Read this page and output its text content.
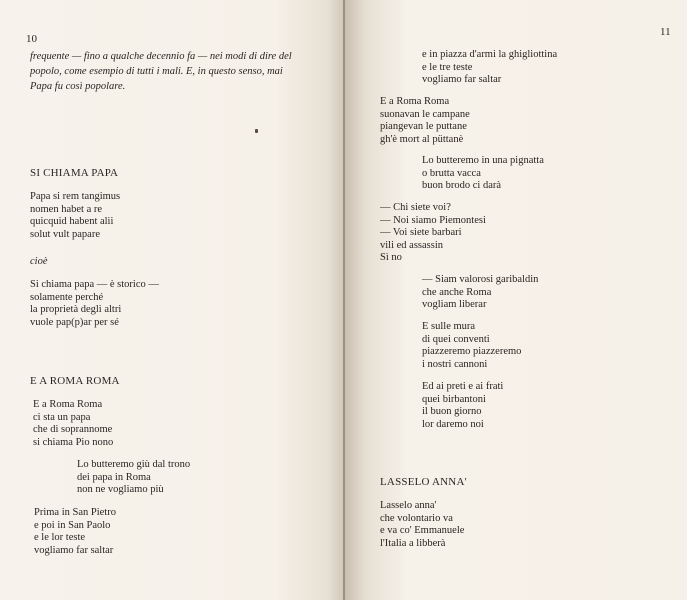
10
frequente — fino a qualche decennio fa — nei modi di dire del
popolo, come esempio di tutti i mali. E, in questo senso, mai
Papa fu così popolare.
SI CHIAMA PAPA
Papa si rem tangimus
nomen habet a re
quicquid habent alii
solut vult papare
cioè
Si chiama papa — è storico —
solamente perché
la proprietà degli altri
vuole pap(p)ar per sé
E A ROMA ROMA
E a Roma Roma
ci sta un papa
che di soprannome
si chiama Pio nono
Lo butteremo giù dal trono
dei papa in Roma
non ne vogliamo più
Prima in San Pietro
e poi in San Paolo
e le lor teste
vogliamo far saltar
11
e in piazza d'armi la ghigliottina
e le tre teste
vogliamo far saltar
E a Roma Roma
suonavan le campane
piangevan le puttane
gh'è mort al püttanè
Lo butteremo in una pignatta
o brutta vacca
buon brodo ci darà
— Chi siete voi?
— Noi siamo Piemontesi
— Voi siete barbari
vili ed assassin
Sì no
— Siam valorosi garibaldin
che anche Roma
vogliam liberar
E sulle mura
di quei conventi
piazzeremo piazzeremo
i nostri cannoni
Ed ai preti e ai frati
quei birbantoni
il buon giorno
lor daremo noi
LASSELO ANNA'
Lasselo anna'
che volontario va
e va co' Emmanuele
l'Italia a libberà
